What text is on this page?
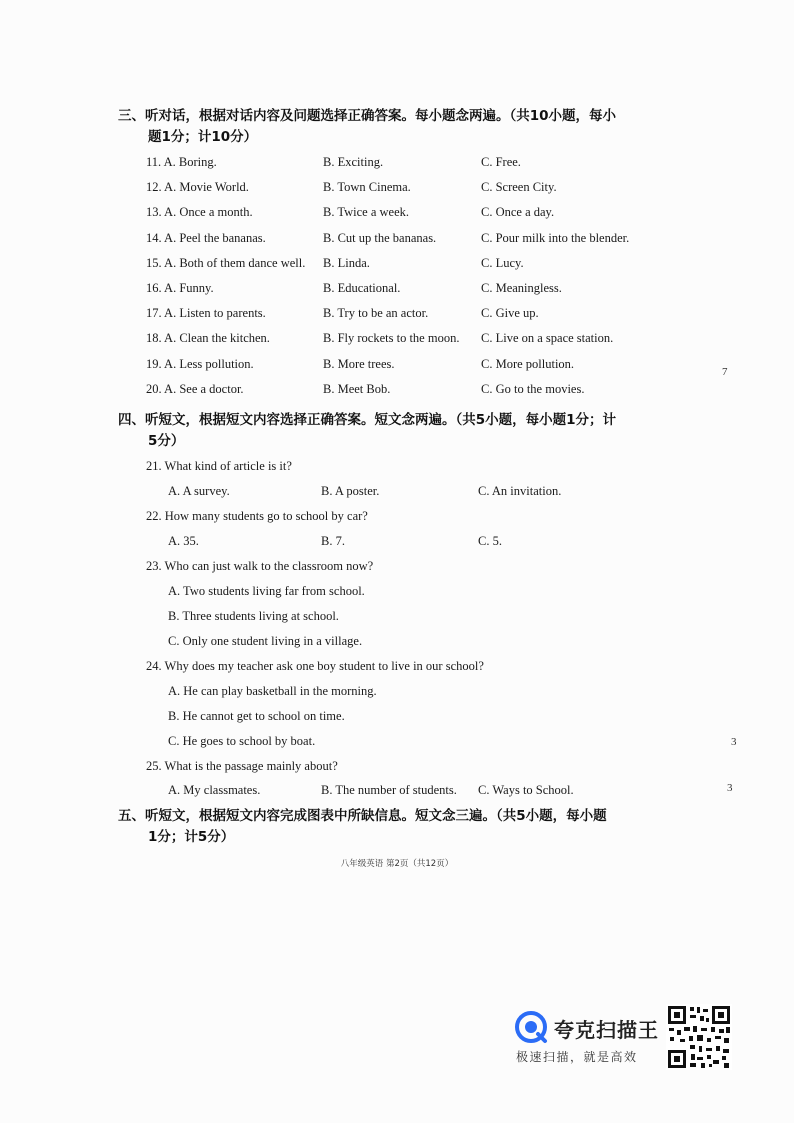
三、听对话，根据对话内容及问题选择正确答案。每小题念两遍。（共10小题，每小
题1分；计10分）
11. A. Boring.	B. Exciting.	C. Free.
12. A. Movie World.	B. Town Cinema.	C. Screen City.
13. A. Once a month.	B. Twice a week.	C. Once a day.
14. A. Peel the bananas.	B. Cut up the bananas.	C. Pour milk into the blender.
15. A. Both of them dance well. B. Linda.	C. Lucy.
16. A. Funny.	B. Educational.	C. Meaningless.
17. A. Listen to parents.	B. Try to be an actor.	C. Give up.
18. A. Clean the kitchen.	B. Fly rockets to the moon. C. Live on a space station.
19. A. Less pollution.	B. More trees.	C. More pollution.
20. A. See a doctor.	B. Meet Bob.	C. Go to the movies.
四、听短文，根据短文内容选择正确答案。短文念两遍。（共5小题，每小题1分；计
5分）
21. What kind of article is it?
A. A survey.	B. A poster.	C. An invitation.
22. How many students go to school by car?
A. 35.	B. 7.	C. 5.
23. Who can just walk to the classroom now?
A. Two students living far from school.
B. Three students living at school.
C. Only one student living in a village.
24. Why does my teacher ask one boy student to live in our school?
A. He can play basketball in the morning.
B. He cannot get to school on time.
C. He goes to school by boat.
25. What is the passage mainly about?
A. My classmates.	B. The number of students. C. Ways to School.
五、听短文，根据短文内容完成图表中所缺信息。短文念三遍。（共5小题，每小题
1分；计5分）
八年级英语 第2页（共12页）
7
3
3
夸克扫描王
极速扫描，就是高效
